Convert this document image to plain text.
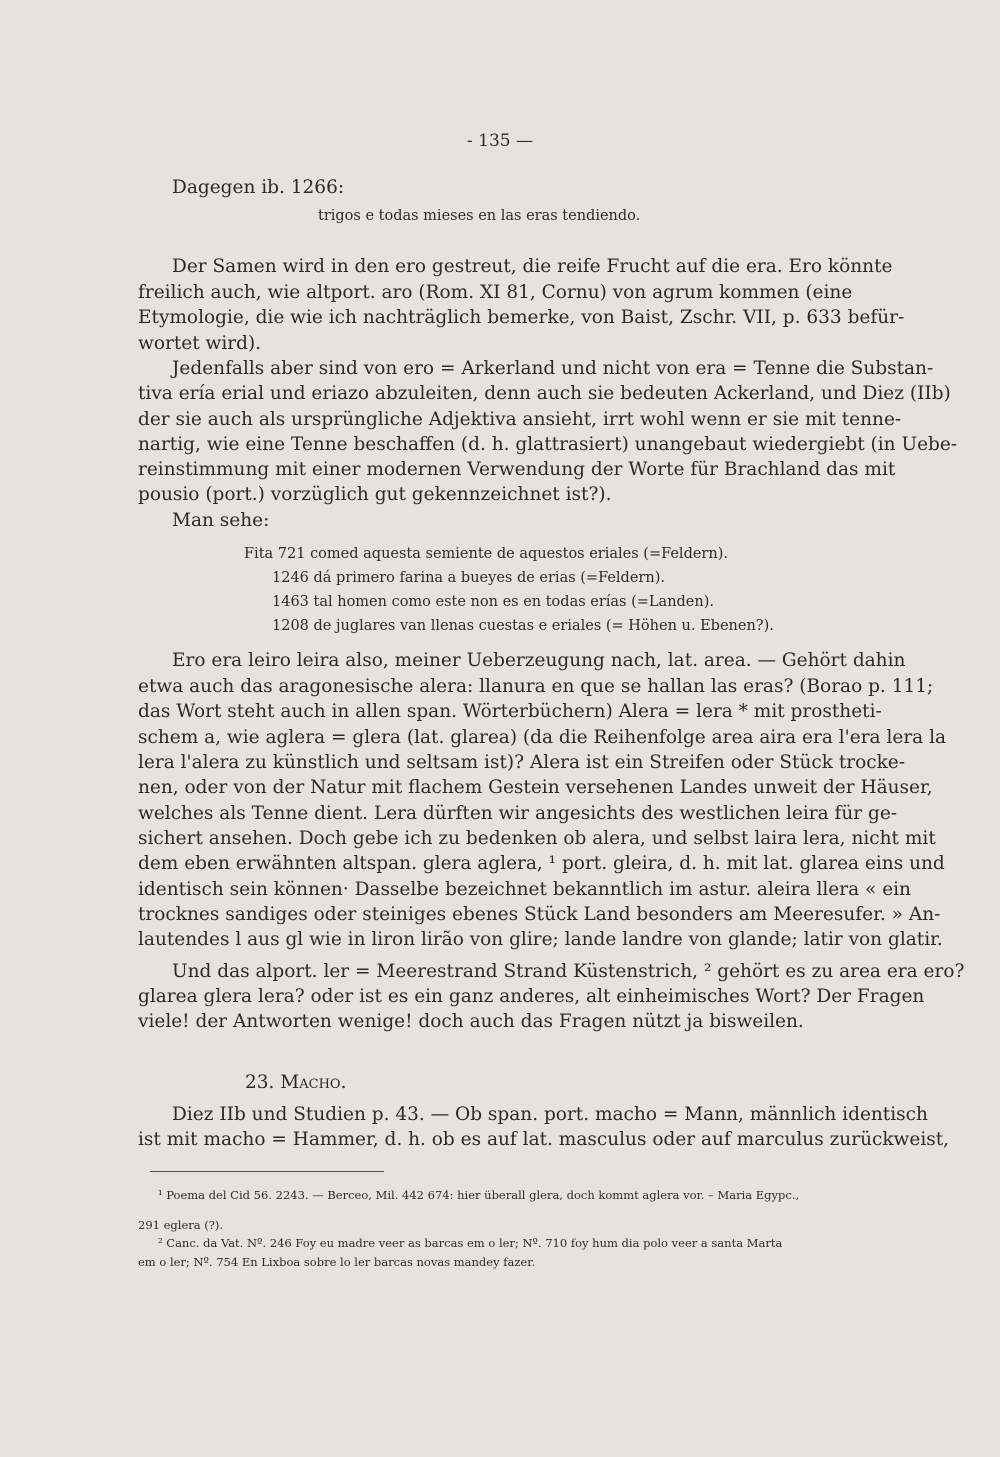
- 135 —
Dagegen ib. 1266:
trigos e todas mieses en las eras tendiendo.
Der Samen wird in den ero gestreut, die reife Frucht auf die era. Ero könnte
freilich auch, wie altport. aro (Rom. XI 81, Cornu) von agrum kommen (eine
Etymologie, die wie ich nachträglich bemerke, von Baist, Zschr. VII, p. 633 befür-
wortet wird).
Jedenfalls aber sind von ero = Arkerland und nicht von era = Tenne die Substan-
tiva ería erial und eriazo abzuleiten, denn auch sie bedeuten Ackerland, und Diez (IIb)
der sie auch als ursprüngliche Adjektiva ansieht, irrt wohl wenn er sie mit tenne-
nartig, wie eine Tenne beschaffen (d. h. glattrasiert) unangebaut wiedergiebt (in Uebe-
reinstimmung mit einer modernen Verwendung der Worte für Brachland das mit
pousio (port.) vorzüglich gut gekennzeichnet ist?).
Man sehe:
Fita 721 comed aquesta semiente de aquestos eriales (=Feldern).
1246 dá primero farina a bueyes de erias (=Feldern).
1463 tal homen como este non es en todas erías (=Landen).
1208 de juglares van llenas cuestas e eriales (= Höhen u. Ebenen?).
Ero era leiro leira also, meiner Ueberzeugung nach, lat. area. — Gehört dahin
etwa auch das aragonesische alera: llanura en que se hallan las eras? (Borao p. 111;
das Wort steht auch in allen span. Wörterbüchern) Alera = lera * mit prostheti-
schem a, wie aglera = glera (lat. glarea) (da die Reihenfolge area aira era l'era lera la
lera l'alera zu künstlich und seltsam ist)? Alera ist ein Streifen oder Stück trocke-
nen, oder von der Natur mit flachem Gestein versehenen Landes unweit der Häuser,
welches als Tenne dient. Lera dürften wir angesichts des westlichen leira für ge-
sichert ansehen. Doch gebe ich zu bedenken ob alera, und selbst laira lera, nicht mit
dem eben erwähnten altspan. glera aglera, ¹ port. gleira, d. h. mit lat. glarea eins und
identisch sein können· Dasselbe bezeichnet bekanntlich im astur. aleira llera « ein
trocknes sandiges oder steiniges ebenes Stück Land besonders am Meeresufer. » An-
lautendes l aus gl wie in liron lirão von glire; lande landre von glande; latir von glatir.
Und das alport. ler = Meerestrand Strand Küstenstrich, ² gehört es zu area era ero?
glarea glera lera? oder ist es ein ganz anderes, alt einheimisches Wort? Der Fragen
viele! der Antworten wenige! doch auch das Fragen nützt ja bisweilen.
23. Macho.
Diez IIb und Studien p. 43. — Ob span. port. macho = Mann, männlich identisch
ist mit macho = Hammer, d. h. ob es auf lat. masculus oder auf marculus zurückweist,
¹ Poema del Cid 56. 2243. — Berceo, Mil. 442 674: hier überall glera, doch kommt aglera vor. – Maria Egypc.,
291 eglera (?).
² Canc. da Vat. Nº. 246 Foy eu madre veer as barcas em o ler; Nº. 710 foy hum dia polo veer a santa Marta
em o ler; Nº. 754 En Lixboa sobre lo ler barcas novas mandey fazer.
